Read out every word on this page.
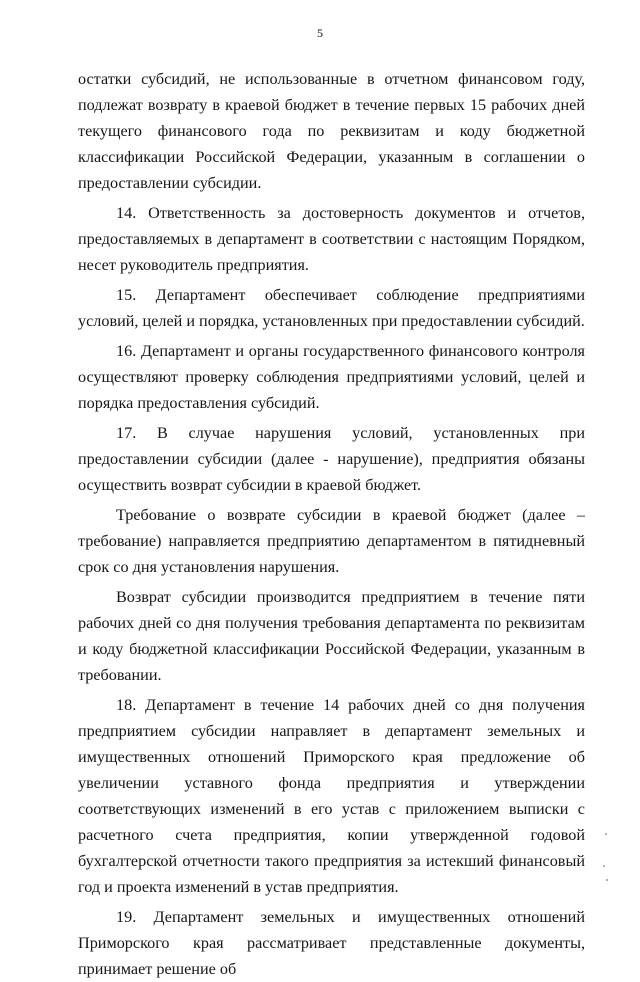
5

остатки субсидий, не использованные в отчетном финансовом году, подлежат возврату в краевой бюджет в течение первых 15 рабочих дней текущего финансового года по реквизитам и коду бюджетной классификации Российской Федерации, указанным в соглашении о предоставлении субсидии.

14. Ответственность за достоверность документов и отчетов, предоставляемых в департамент в соответствии с настоящим Порядком, несет руководитель предприятия.

15. Департамент обеспечивает соблюдение предприятиями условий, целей и порядка, установленных при предоставлении субсидий.

16. Департамент и органы государственного финансового контроля осуществляют проверку соблюдения предприятиями условий, целей и порядка предоставления субсидий.

17. В случае нарушения условий, установленных при предоставлении субсидии (далее - нарушение), предприятия обязаны осуществить возврат субсидии в краевой бюджет.

Требование о возврате субсидии в краевой бюджет (далее – требование) направляется предприятию департаментом в пятидневный срок со дня установления нарушения.

Возврат субсидии производится предприятием в течение пяти рабочих дней со дня получения требования департамента по реквизитам и коду бюджетной классификации Российской Федерации, указанным в требовании.

18. Департамент в течение 14 рабочих дней со дня получения предприятием субсидии направляет в департамент земельных и имущественных отношений Приморского края предложение об увеличении уставного фонда предприятия и утверждении соответствующих изменений в его устав с приложением выписки с расчетного счета предприятия, копии утвержденной годовой бухгалтерской отчетности такого предприятия за истекший финансовый год и проекта изменений в устав предприятия.

19. Департамент земельных и имущественных отношений Приморского края рассматривает представленные документы, принимает решение об
